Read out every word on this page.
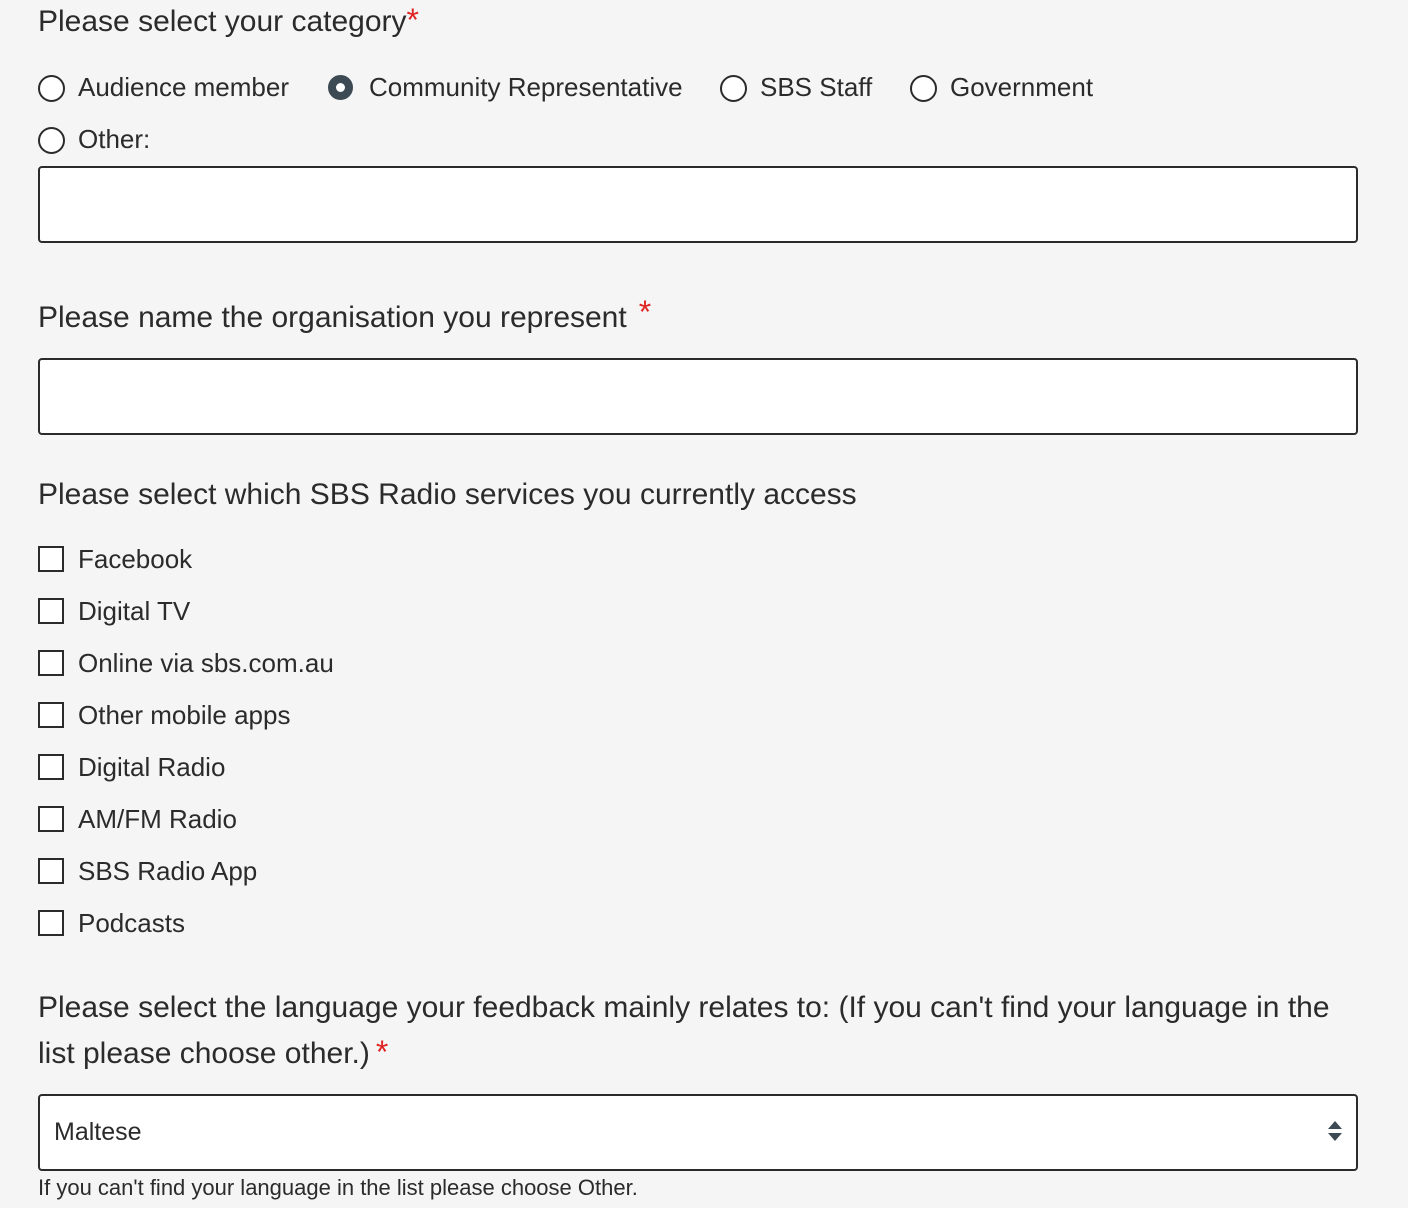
Please select your category*
Audience member	Community Representative	SBS Staff	Government
Other:
Please name the organisation you represent *
Please select which SBS Radio services you currently access
Facebook
Digital TV
Online via sbs.com.au
Other mobile apps
Digital Radio
AM/FM Radio
SBS Radio App
Podcasts
Please select the language your feedback mainly relates to: (If you can't find your language in the list please choose other.) *
Maltese
If you can't find your language in the list please choose Other.
